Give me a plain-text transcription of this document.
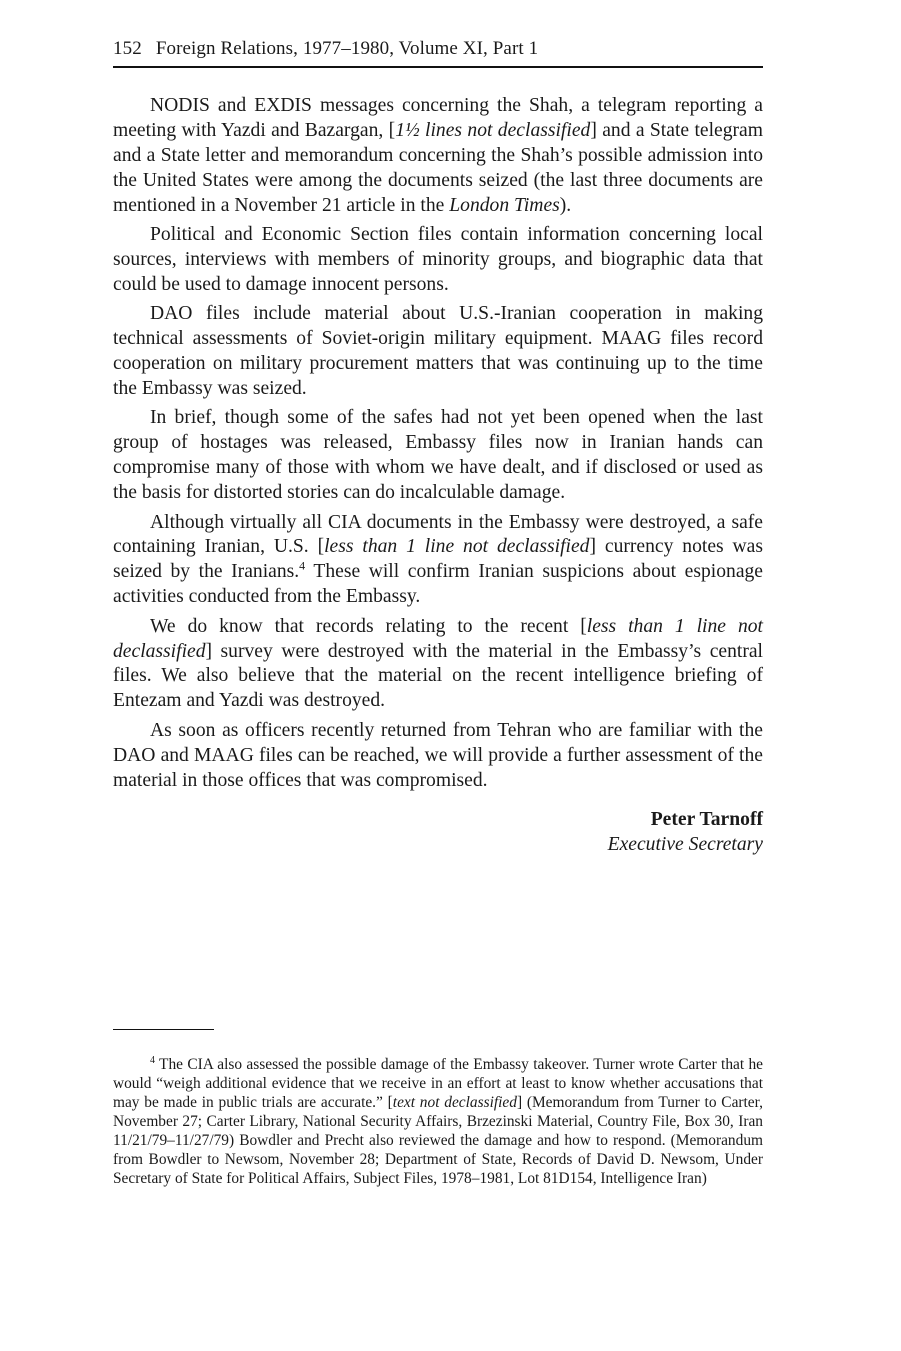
152 Foreign Relations, 1977–1980, Volume XI, Part 1

NODIS and EXDIS messages concerning the Shah, a telegram reporting a meeting with Yazdi and Bazargan, [1½ lines not declassified] and a State telegram and a State letter and memorandum concerning the Shah’s possible admission into the United States were among the documents seized (the last three documents are mentioned in a November 21 article in the London Times).

Political and Economic Section files contain information concerning local sources, interviews with members of minority groups, and biographic data that could be used to damage innocent persons.

DAO files include material about U.S.-Iranian cooperation in making technical assessments of Soviet-origin military equipment. MAAG files record cooperation on military procurement matters that was continuing up to the time the Embassy was seized.

In brief, though some of the safes had not yet been opened when the last group of hostages was released, Embassy files now in Iranian hands can compromise many of those with whom we have dealt, and if disclosed or used as the basis for distorted stories can do incalculable damage.

Although virtually all CIA documents in the Embassy were destroyed, a safe containing Iranian, U.S. [less than 1 line not declassified] currency notes was seized by the Iranians.$^4$ These will confirm Iranian suspicions about espionage activities conducted from the Embassy.

We do know that records relating to the recent [less than 1 line not declassified] survey were destroyed with the material in the Embassy’s central files. We also believe that the material on the recent intelligence briefing of Entezam and Yazdi was destroyed.

As soon as officers recently returned from Tehran who are familiar with the DAO and MAAG files can be reached, we will provide a further assessment of the material in those offices that was compromised.

Peter Tarnoff
Executive Secretary

$^4$ The CIA also assessed the possible damage of the Embassy takeover. Turner wrote Carter that he would “weigh additional evidence that we receive in an effort at least to know whether accusations that may be made in public trials are accurate.” [text not declassified] (Memorandum from Turner to Carter, November 27; Carter Library, National Security Affairs, Brzezinski Material, Country File, Box 30, Iran 11/21/79–11/27/79) Bowdler and Precht also reviewed the damage and how to respond. (Memorandum from Bowdler to Newsom, November 28; Department of State, Records of David D. Newsom, Under Secretary of State for Political Affairs, Subject Files, 1978–1981, Lot 81D154, Intelligence Iran)
